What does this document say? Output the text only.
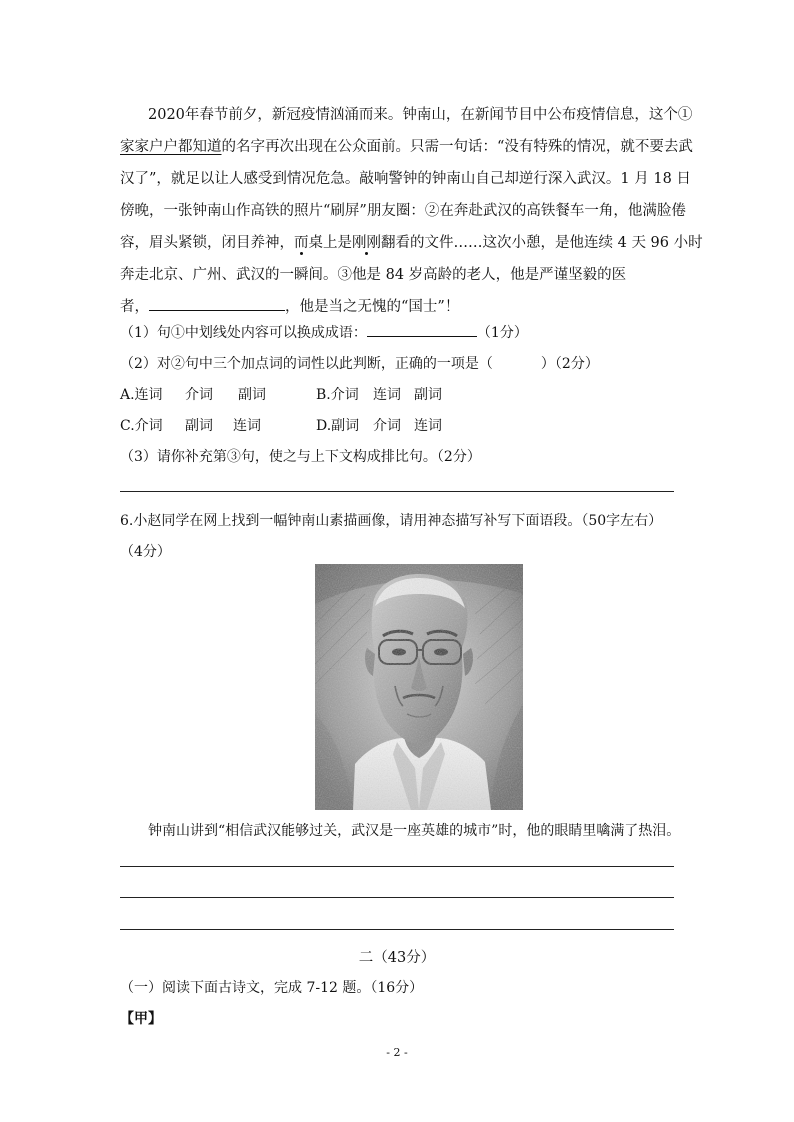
2020年春节前夕，新冠疫情汹涌而来。钟南山，在新闻节目中公布疫情信息，这个①
家家户户都知道的名字再次出现在公众面前。只需一句话：“没有特殊的情况，就不要去武
汉了”，就足以让人感受到情况危急。敲响警钟的钟南山自己却逆行深入武汉。1 月 18 日
傍晚，一张钟南山作高铁的照片“刷屏”朋友圈：②在奔赴武汉的高铁餐车一角，他满脸倦
容，眉头紧锁，闭目养神，而桌上是刚刚翻看的文件……这次小憩，是他连续 4 天 96 小时
奔走北京、广州、武汉的一瞬间。③他是 84 岁高龄的老人，他是严谨坚毅的医
者，	，他是当之无愧的“国士”！
（1）句①中划线处内容可以换成成语：	（1分）
（2）对②句中三个加点词的词性以此判断，正确的一项是（	）（2分）
A.连词 介词 副词	B.介词 连词 副词
C.介词 副词 连词	D.副词 介词 连词
（3）请你补充第③句，使之与上下文构成排比句。（2分）
6.小赵同学在网上找到一幅钟南山素描画像，请用神态描写补写下面语段。（50字左右）
（4分）
钟南山讲到“相信武汉能够过关，武汉是一座英雄的城市”时，他的眼睛里噙满了热泪。
二（43分）
（一）阅读下面古诗文，完成 7-12 题。（16分）
【甲】
- 2 -
